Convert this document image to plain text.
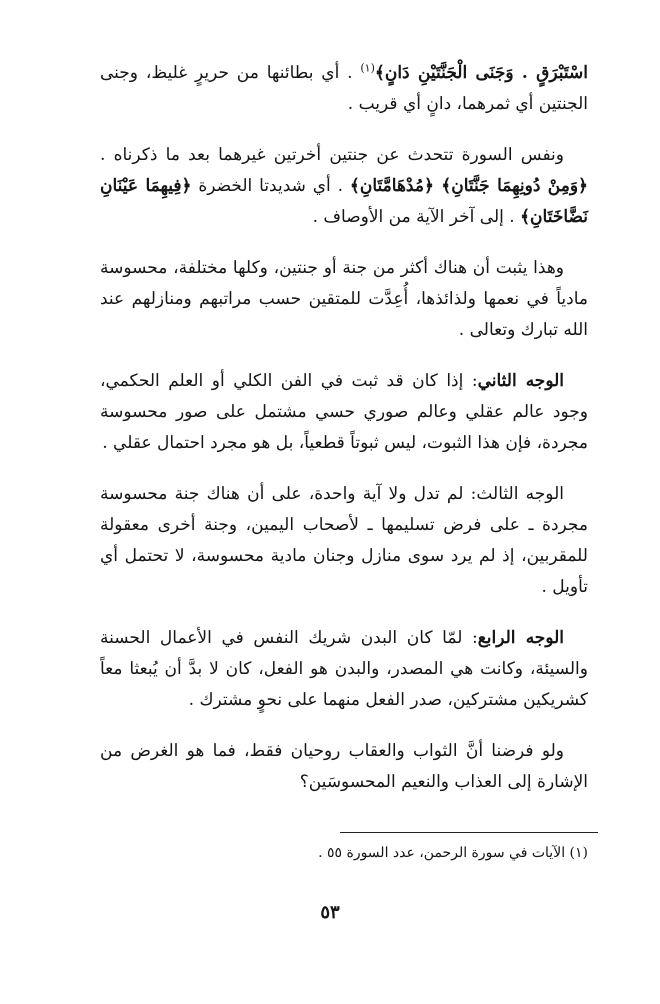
اسْتَبْرَقٍ . وَجَنَى الْجَنَّتَيْنِ دَانٍ﴾$^{(١)}$ . أي بطائنها من حريرٍ غليظ، وجنى الجنتين أي ثمرهما، دانٍ أي قريب .

ونفس السورة تتحدث عن جنتين أخرتين غيرهما بعد ما ذكرناه . ﴿وَمِنْ دُونِهِمَا جَنَّتَانِ﴾ ﴿مُدْهَامَّتَانِ﴾ . أي شديدتا الخضرة ﴿فِيهِمَا عَيْنَانِ نَضَّاخَتَانِ﴾ . إلى آخر الآية من الأوصاف .

وهذا يثبت أن هناك أكثر من جنة أو جنتين، وكلها مختلفة، محسوسة مادياً في نعمها ولذائذها، أُعِدَّت للمتقين حسب مراتبهم ومنازلهم عند الله تبارك وتعالى .

الوجه الثاني: إذا كان قد ثبت في الفن الكلي أو العلم الحكمي، وجود عالم عقلي وعالم صوري حسي مشتمل على صور محسوسة مجردة، فإن هذا الثبوت، ليس ثبوتاً قطعياً، بل هو مجرد احتمال عقلي .

الوجه الثالث: لم تدل ولا آية واحدة، على أن هناك جنة محسوسة مجردة ـ على فرض تسليمها ـ لأصحاب اليمين، وجنة أخرى معقولة للمقربين، إذ لم يرد سوى منازل وجنان مادية محسوسة، لا تحتمل أي تأويل .

الوجه الرابع: لمّا كان البدن شريك النفس في الأعمال الحسنة والسيئة، وكانت هي المصدر، والبدن هو الفعل، كان لا بدَّ أن يُبعثا معاً كشريكين مشتركين، صدر الفعل منهما على نحوٍ مشترك .

ولو فرضنا أنَّ الثواب والعقاب روحيان فقط، فما هو الغرض من الإشارة إلى العذاب والنعيم المحسوسَين؟

(١) الآيات في سورة الرحمن، عدد السورة ٥٥ .
٥٣
